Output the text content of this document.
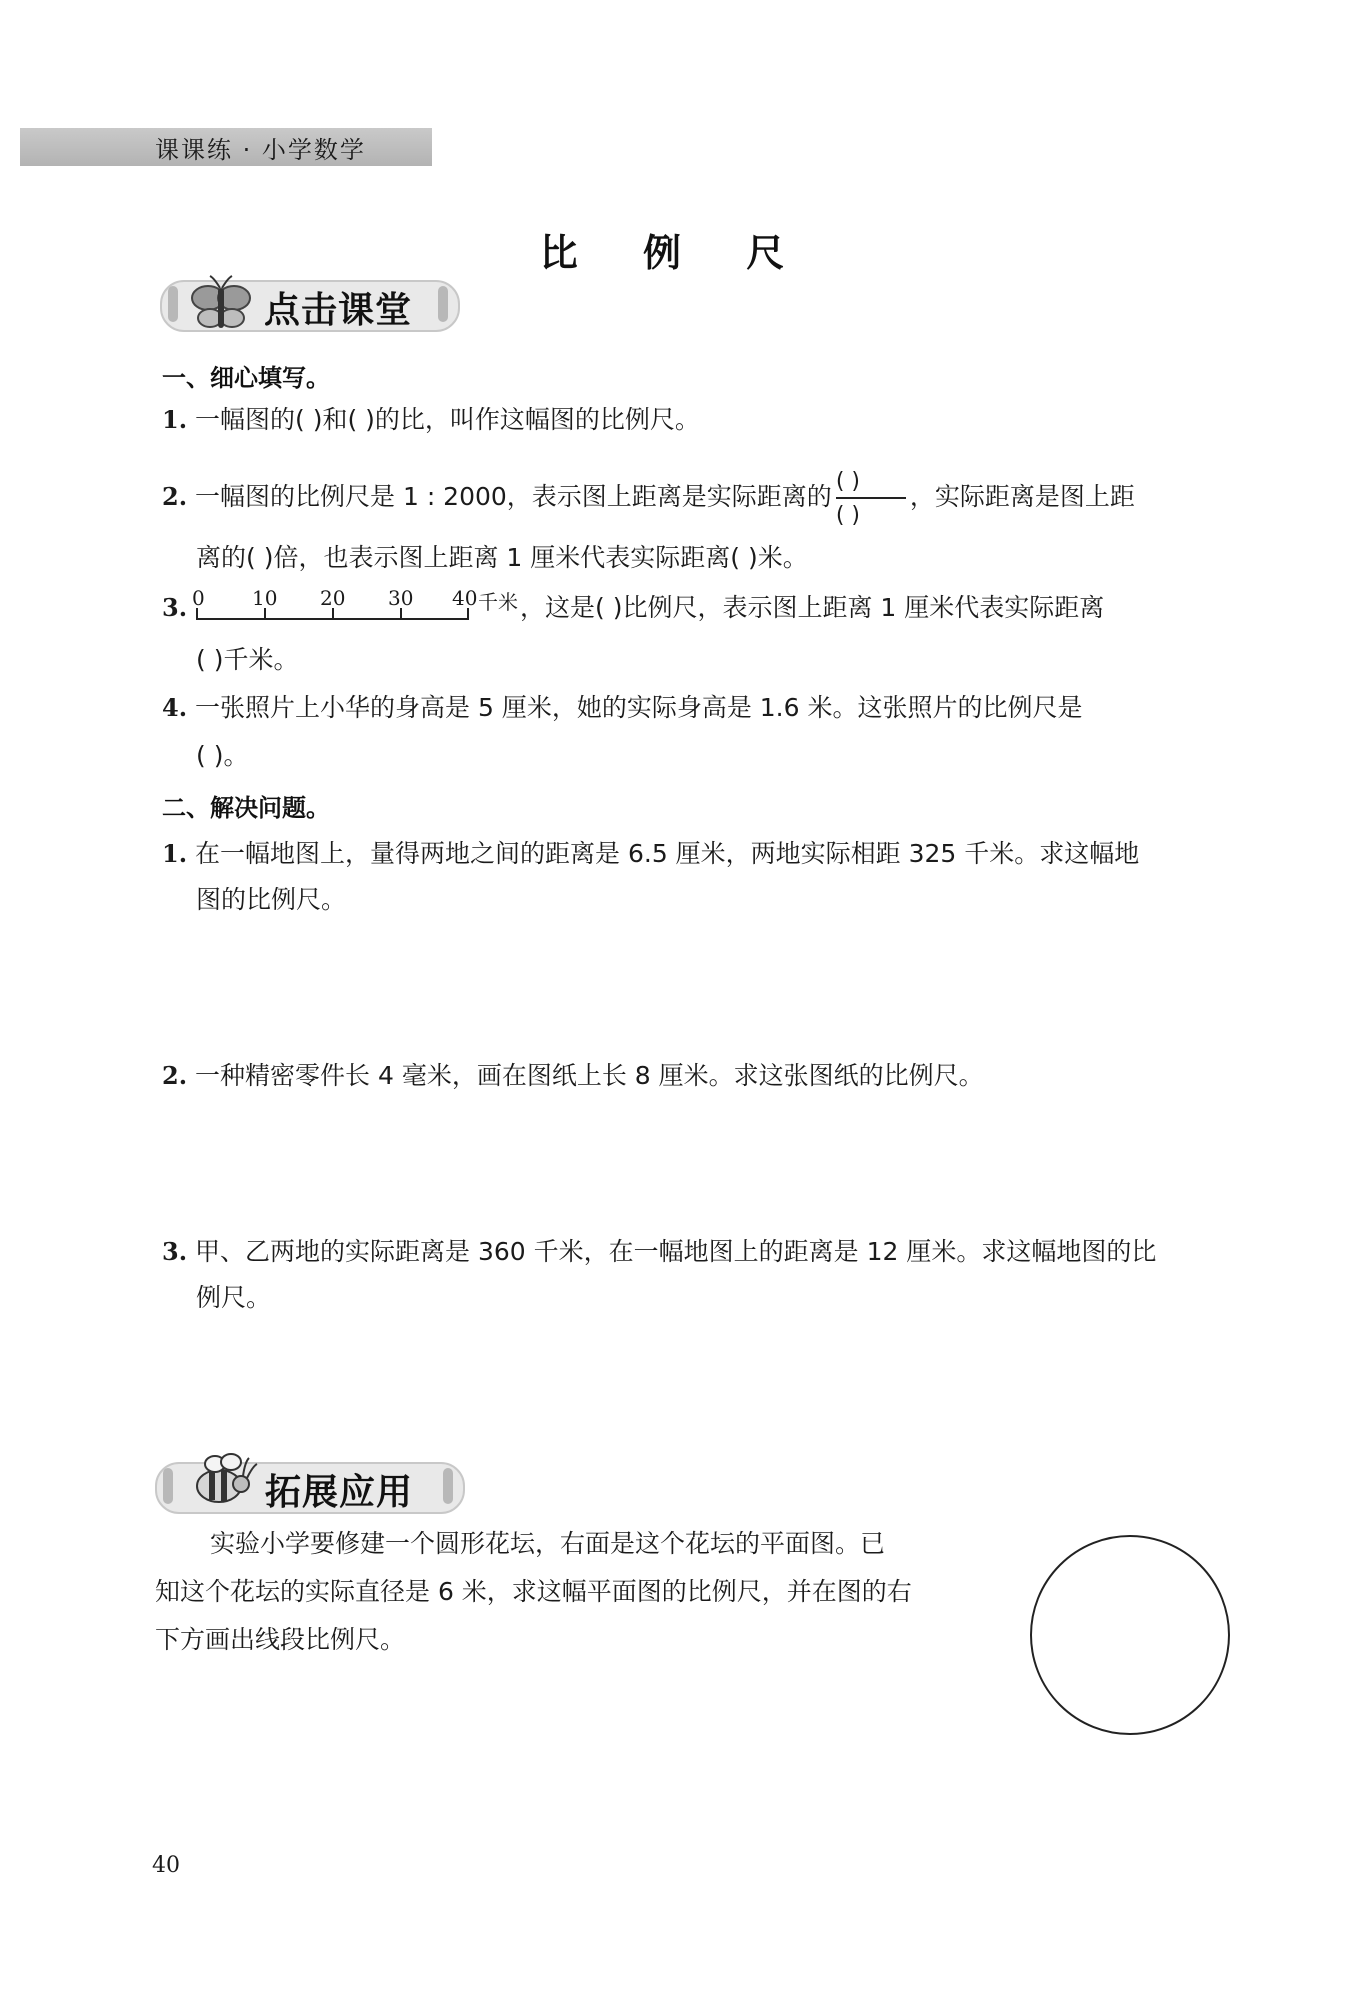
课课练 · 小学数学
比 例 尺
点击课堂
一、细心填写。
1. 一幅图的( )和( )的比，叫作这幅图的比例尺。
2. 一幅图的比例尺是 1 : 2000，表示图上距离是实际距离的 $\frac{( )}{( )}$ ，实际距离是图上距
离的( )倍，也表示图上距离 1 厘米代表实际距离( )米。
3. 0 10 20 30 40 千米 ，这是( )比例尺，表示图上距离 1 厘米代表实际距离
( )千米。
4. 一张照片上小华的身高是 5 厘米，她的实际身高是 1.6 米。这张照片的比例尺是
( )。
二、解决问题。
1. 在一幅地图上，量得两地之间的距离是 6.5 厘米，两地实际相距 325 千米。求这幅地
图的比例尺。
2. 一种精密零件长 4 毫米，画在图纸上长 8 厘米。求这张图纸的比例尺。
3. 甲、乙两地的实际距离是 360 千米，在一幅地图上的距离是 12 厘米。求这幅地图的比
例尺。
拓展应用
实验小学要修建一个圆形花坛，右面是这个花坛的平面图。已
知这个花坛的实际直径是 6 米，求这幅平面图的比例尺，并在图的右
下方画出线段比例尺。
40
